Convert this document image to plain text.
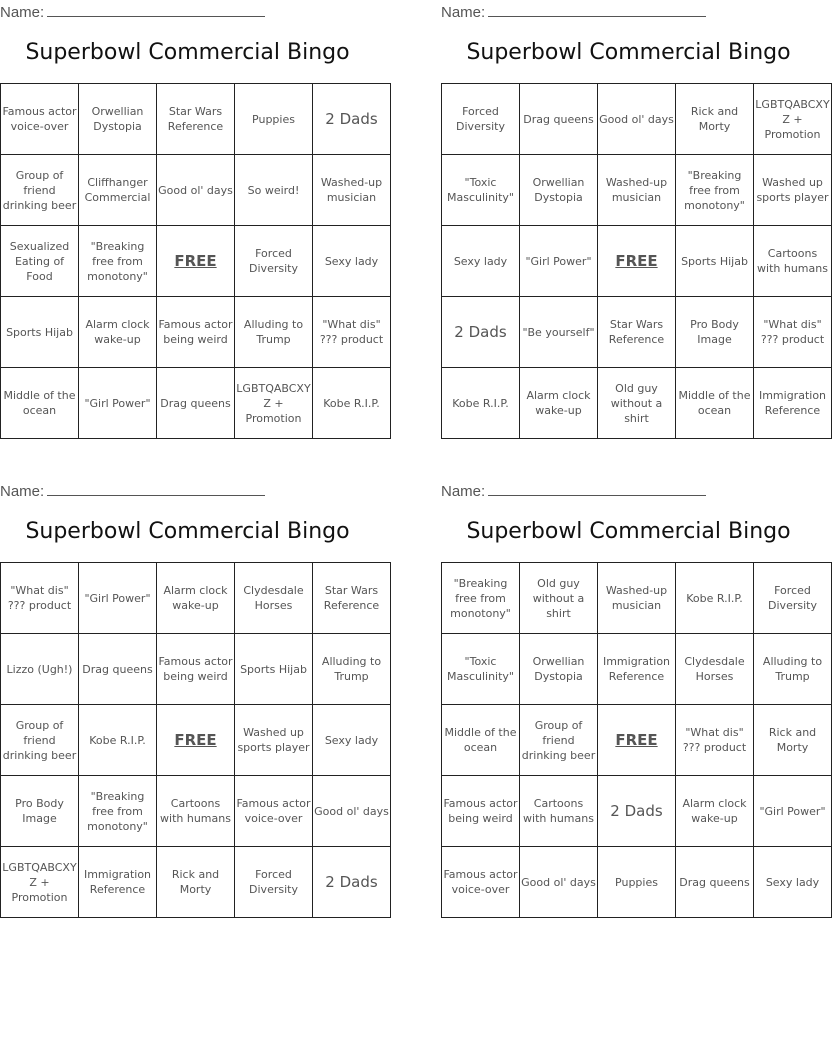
Name:
Superbowl Commercial Bingo
Famous actor voice-over	Orwellian Dystopia	Star Wars Reference	Puppies	2 Dads
Group of friend drinking beer	Cliffhanger Commercial	Good ol' days	So weird!	Washed-up musician
Sexualized Eating of Food	"Breaking free from monotony"	FREE	Forced Diversity	Sexy lady
Sports Hijab	Alarm clock wake-up	Famous actor being weird	Alluding to Trump	"What dis" ??? product
Middle of the ocean	"Girl Power"	Drag queens	LGBTQABCXYZ + Promotion	Kobe R.I.P.
Name:
Superbowl Commercial Bingo
Forced Diversity	Drag queens	Good ol' days	Rick and Morty	LGBTQABCXYZ + Promotion
"Toxic Masculinity"	Orwellian Dystopia	Washed-up musician	"Breaking free from monotony"	Washed up sports player
Sexy lady	"Girl Power"	FREE	Sports Hijab	Cartoons with humans
2 Dads	"Be yourself"	Star Wars Reference	Pro Body Image	"What dis" ??? product
Kobe R.I.P.	Alarm clock wake-up	Old guy without a shirt	Middle of the ocean	Immigration Reference
Name:
Superbowl Commercial Bingo
"What dis" ??? product	"Girl Power"	Alarm clock wake-up	Clydesdale Horses	Star Wars Reference
Lizzo (Ugh!)	Drag queens	Famous actor being weird	Sports Hijab	Alluding to Trump
Group of friend drinking beer	Kobe R.I.P.	FREE	Washed up sports player	Sexy lady
Pro Body Image	"Breaking free from monotony"	Cartoons with humans	Famous actor voice-over	Good ol' days
LGBTQABCXYZ + Promotion	Immigration Reference	Rick and Morty	Forced Diversity	2 Dads
Name:
Superbowl Commercial Bingo
"Breaking free from monotony"	Old guy without a shirt	Washed-up musician	Kobe R.I.P.	Forced Diversity
"Toxic Masculinity"	Orwellian Dystopia	Immigration Reference	Clydesdale Horses	Alluding to Trump
Middle of the ocean	Group of friend drinking beer	FREE	"What dis" ??? product	Rick and Morty
Famous actor being weird	Cartoons with humans	2 Dads	Alarm clock wake-up	"Girl Power"
Famous actor voice-over	Good ol' days	Puppies	Drag queens	Sexy lady
